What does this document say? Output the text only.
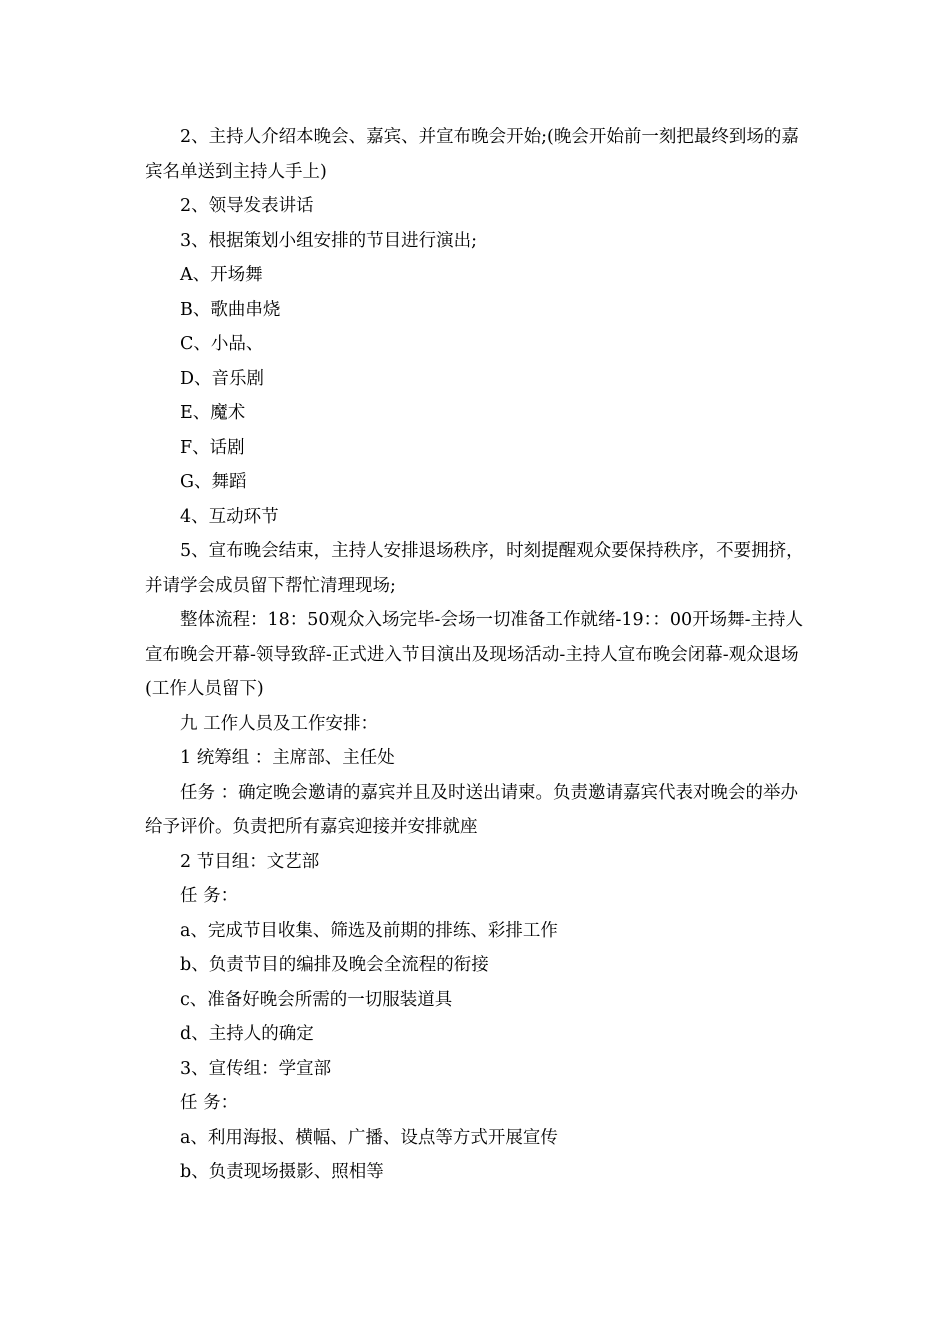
2、主持人介绍本晚会、嘉宾、并宣布晚会开始;(晚会开始前一刻把最终到场的嘉宾名单送到主持人手上)

2、领导发表讲话

3、根据策划小组安排的节目进行演出;

A、开场舞

B、歌曲串烧

C、小品、

D、音乐剧

E、魔术

F、话剧

G、舞蹈

4、互动环节

5、宣布晚会结束，主持人安排退场秩序，时刻提醒观众要保持秩序，不要拥挤，并请学会成员留下帮忙清理现场;

整体流程：18：50观众入场完毕-会场一切准备工作就绪-19：：00开场舞-主持人宣布晚会开幕-领导致辞-正式进入节目演出及现场活动-主持人宣布晚会闭幕-观众退场(工作人员留下)

九 工作人员及工作安排：

1 统筹组 ：主席部、主任处

任务 ：确定晚会邀请的嘉宾并且及时送出请柬。负责邀请嘉宾代表对晚会的举办给予评价。负责把所有嘉宾迎接并安排就座

2 节目组：文艺部

任 务：

a、完成节目收集、筛选及前期的排练、彩排工作

b、负责节目的编排及晚会全流程的衔接

c、准备好晚会所需的一切服装道具

d、主持人的确定

3、宣传组：学宣部

任 务：

a、利用海报、横幅、广播、设点等方式开展宣传

b、负责现场摄影、照相等
